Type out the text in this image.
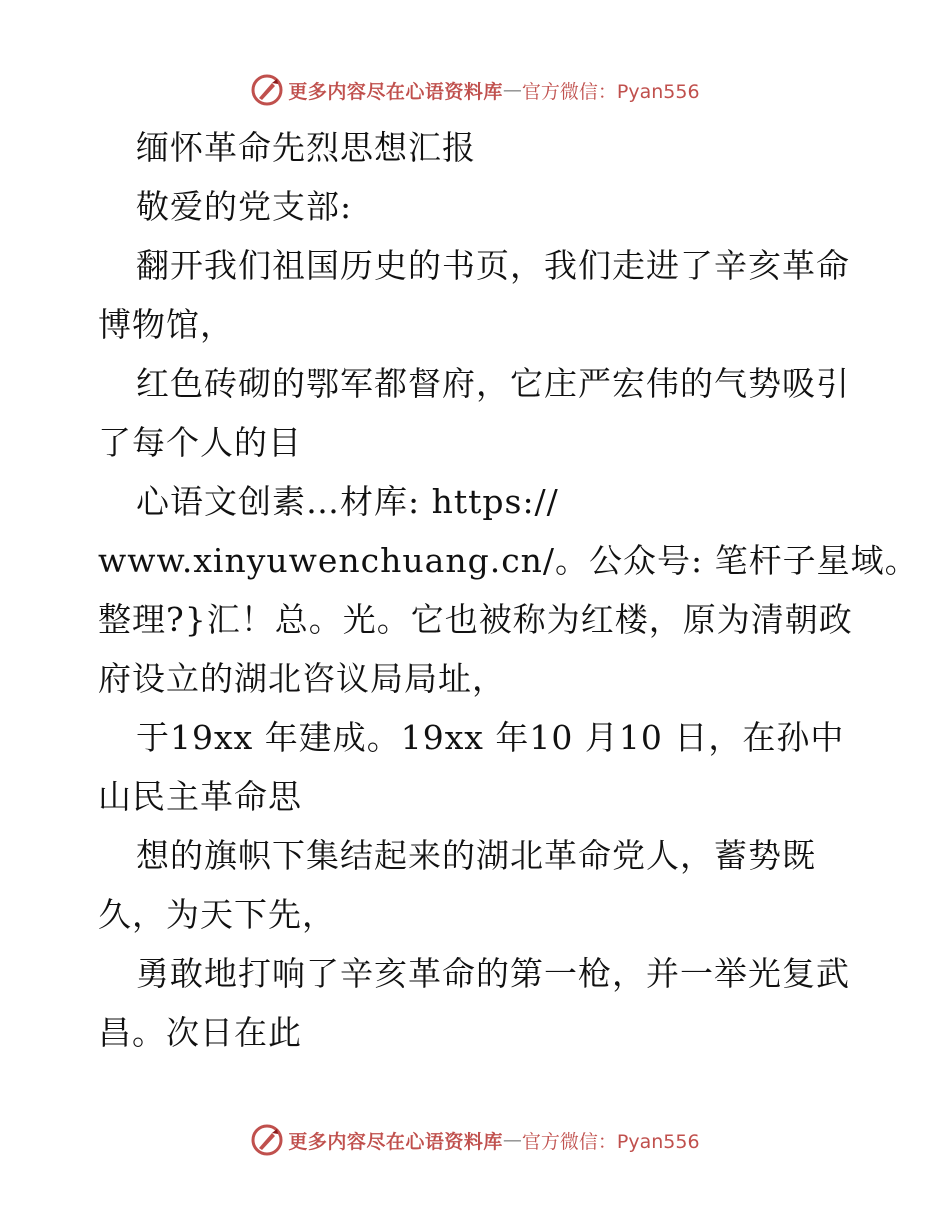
更多内容尽在心语资料库 — 官方微信：Pyan556
缅怀革命先烈思想汇报
敬爱的党支部:
翻开我们祖国历史的书页，我们走进了辛亥革命
博物馆，
红色砖砌的鄂军都督府，它庄严宏伟的气势吸引
了每个人的目
心语文创素…材库: https://
www.xinyuwenchuang.cn/。公众号: 笔杆子星域。
整理?}汇！总。光。它也被称为红楼，原为清朝政
府设立的湖北咨议局局址，
于19xx 年建成。19xx 年10 月10 日，在孙中
山民主革命思
想的旗帜下集结起来的湖北革命党人，蓄势既
久，为天下先，
勇敢地打响了辛亥革命的第一枪，并一举光复武
昌。次日在此
更多内容尽在心语资料库 — 官方微信：Pyan556
